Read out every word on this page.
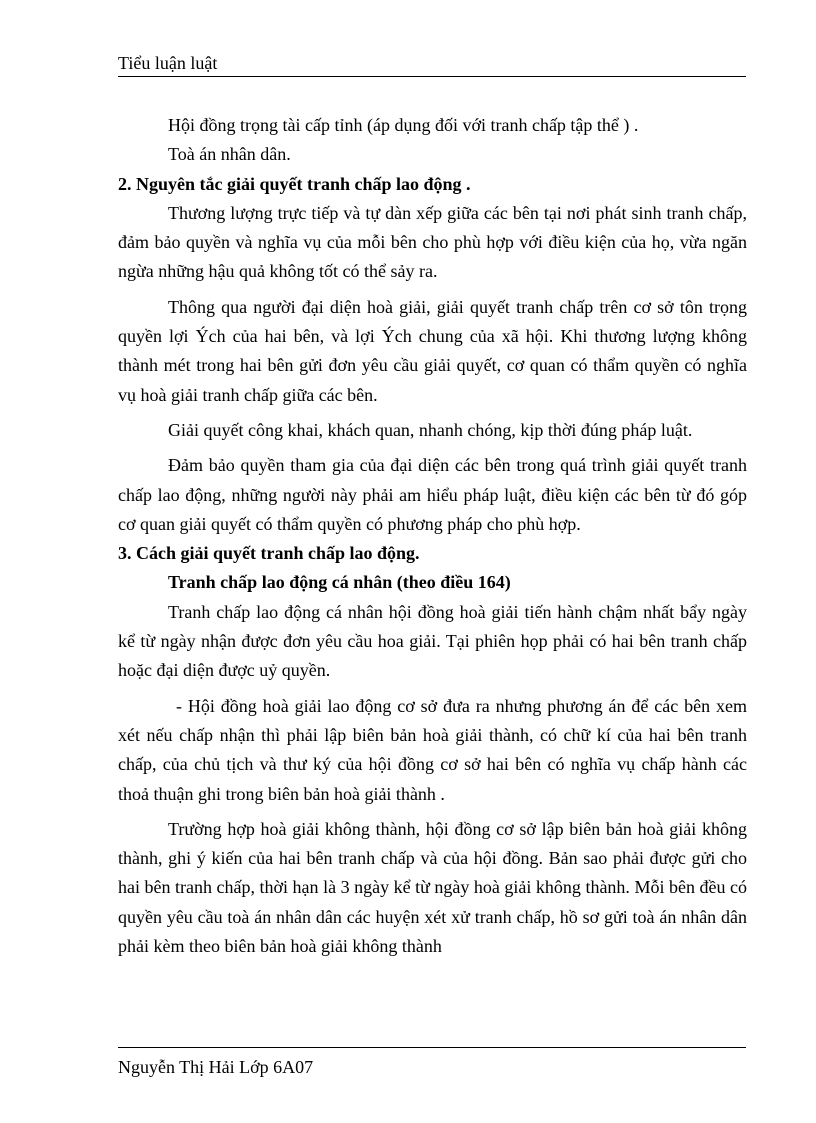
Tiểu luận luật

Hội đồng trọng tài cấp tỉnh (áp dụng đối với tranh chấp tập thể ) .

Toà án nhân dân.

2. Nguyên tắc giải quyết tranh chấp lao động .

Thương lượng trực tiếp và tự dàn xếp giữa các bên tại nơi phát sinh tranh chấp, đảm bảo quyền và nghĩa vụ của mỗi bên cho phù hợp với điều kiện của họ, vừa ngăn ngừa những hậu quả không tốt có thể sảy ra.

Thông qua người đại diện hoà giải, giải quyết tranh chấp trên cơ sở tôn trọng quyền lợi Ých của hai bên, và lợi Ých chung của xã hội. Khi thương lượng không thành mét trong hai bên gửi đơn yêu cầu giải quyết, cơ quan có thẩm quyền có nghĩa vụ hoà giải tranh chấp giữa các bên.

Giải quyết công khai, khách quan, nhanh chóng, kịp thời đúng pháp luật.

Đảm bảo quyền tham gia của đại diện các bên trong quá trình giải quyết tranh chấp lao động, những người này phải am hiểu pháp luật, điều kiện các bên từ đó góp cơ quan giải quyết có thẩm quyền có phương pháp cho phù hợp.

3. Cách giải quyết tranh chấp lao động.
Tranh chấp lao động cá nhân (theo điều 164)

Tranh chấp lao động cá nhân hội đồng hoà giải tiến hành chậm nhất bẩy ngày kể từ ngày nhận được đơn yêu cầu hoa giải. Tại phiên họp phải có hai bên tranh chấp hoặc đại diện được uỷ quyền.

- Hội đồng hoà giải lao động cơ sở đưa ra nhưng phương án để các bên xem xét nếu chấp nhận thì phải lập biên bản hoà giải thành, có chữ kí của hai bên tranh chấp, của chủ tịch và thư ký của hội đồng cơ sở hai bên có nghĩa vụ chấp hành các thoả thuận ghi trong biên bản hoà giải thành .

Trường hợp hoà giải không thành, hội đồng cơ sở lập biên bản hoà giải không thành, ghi ý kiến của hai bên tranh chấp và của hội đồng. Bản sao phải được gửi cho hai bên tranh chấp, thời hạn là 3 ngày kể từ ngày hoà giải không thành. Mỗi bên đều có quyền yêu cầu toà án nhân dân các huyện xét xử tranh chấp, hồ sơ gửi toà án nhân dân phải kèm theo biên bản hoà giải không thành

Nguyễn Thị Hải Lớp 6A07
